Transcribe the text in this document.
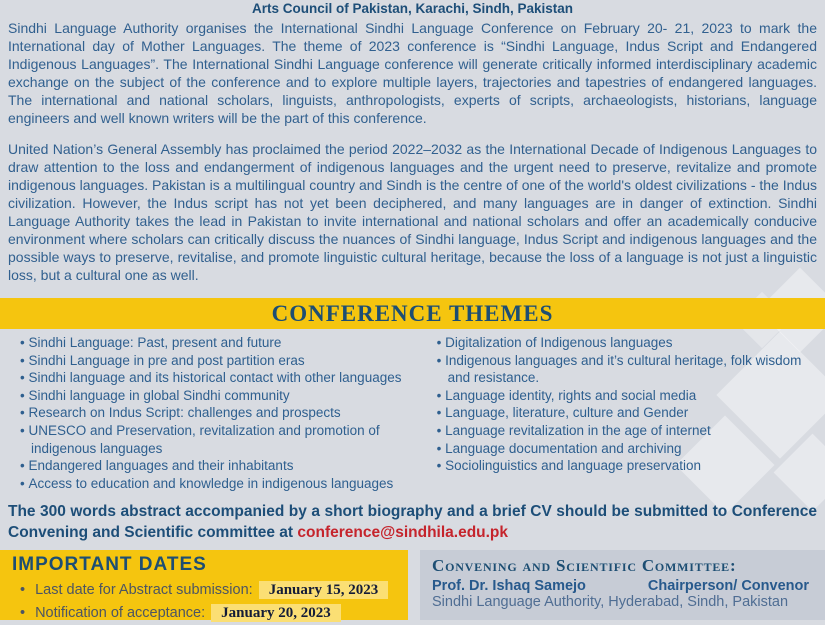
Arts Council of Pakistan, Karachi, Sindh, Pakistan

Sindhi Language Authority organises the International Sindhi Language Conference on February 20- 21, 2023 to mark the International day of Mother Languages. The theme of 2023 conference is “Sindhi Language, Indus Script and Endangered Indigenous Languages”. The International Sindhi Language conference will generate critically informed interdisciplinary academic exchange on the subject of the conference and to explore multiple layers, trajectories and tapestries of endangered languages. The international and national scholars, linguists, anthropologists, experts of scripts, archaeologists, historians, language engineers and well known writers will be the part of this conference.

United Nation’s General Assembly has proclaimed the period 2022–2032 as the International Decade of Indigenous Languages to draw attention to the loss and endangerment of indigenous languages and the urgent need to preserve, revitalize and promote indigenous languages. Pakistan is a multilingual country and Sindh is the centre of one of the world's oldest civilizations - the Indus civilization. However, the Indus script has not yet been deciphered, and many languages are in danger of extinction. Sindhi Language Authority takes the lead in Pakistan to invite international and national scholars and offer an academically conducive environment where scholars can critically discuss the nuances of Sindhi language, Indus Script and indigenous languages and the possible ways to preserve, revitalise, and promote linguistic cultural heritage, because the loss of a language is not just a linguistic loss, but a cultural one as well.

CONFERENCE THEMES
• Sindhi Language: Past, present and future
• Sindhi Language in pre and post partition eras
• Sindhi language and its historical contact with other languages
• Sindhi language in global Sindhi community
• Research on Indus Script: challenges and prospects
• UNESCO and Preservation, revitalization and promotion of indigenous languages
• Endangered languages and their inhabitants
• Access to education and knowledge in indigenous languages
• Digitalization of Indigenous languages
• Indigenous languages and it’s cultural heritage, folk wisdom and resistance.
• Language identity, rights and social media
• Language, literature, culture and Gender
• Language revitalization in the age of internet
• Language documentation and archiving
• Sociolinguistics and language preservation

The 300 words abstract accompanied by a short biography and a brief CV should be submitted to Conference Convening and Scientific committee at conference@sindhila.edu.pk

IMPORTANT DATES
• Last date for Abstract submission: January 15, 2023
• Notification of acceptance: January 20, 2023
Convening and Scientific Committee:
Prof. Dr. Ishaq Samejo	Chairperson/ Convenor
Sindhi Language Authority, Hyderabad, Sindh, Pakistan
